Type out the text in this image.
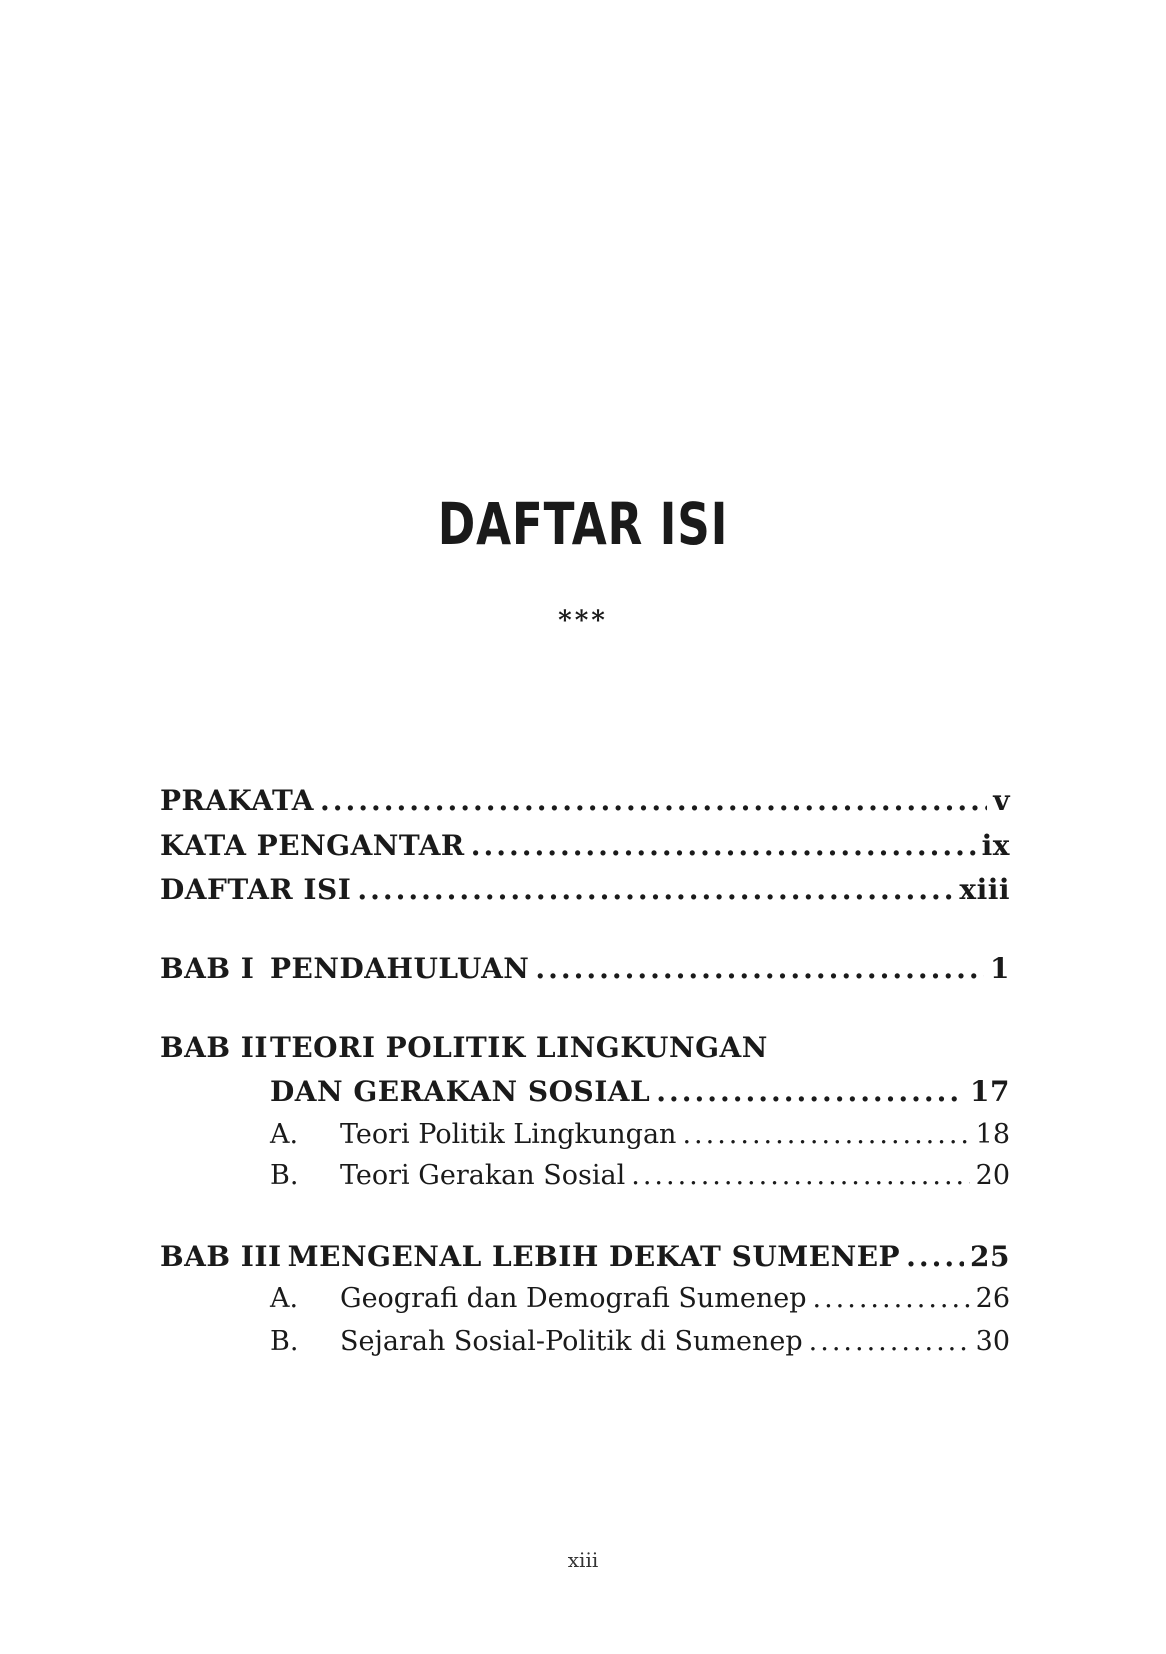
DAFTAR ISI
***
PRAKATA .....	v
KATA PENGANTAR .....	ix
DAFTAR ISI .....	xiii
BAB I PENDAHULUAN .....	1
BAB II TEORI POLITIK LINGKUNGAN
DAN GERAKAN SOSIAL .....	17
A.	Teori Politik Lingkungan .....	18
B.	Teori Gerakan Sosial .....	20
BAB III MENGENAL LEBIH DEKAT SUMENEP ..... 25
A.	Geografi dan Demografi Sumenep .....	26
B.	Sejarah Sosial-Politik di Sumenep .....	30
xiii
